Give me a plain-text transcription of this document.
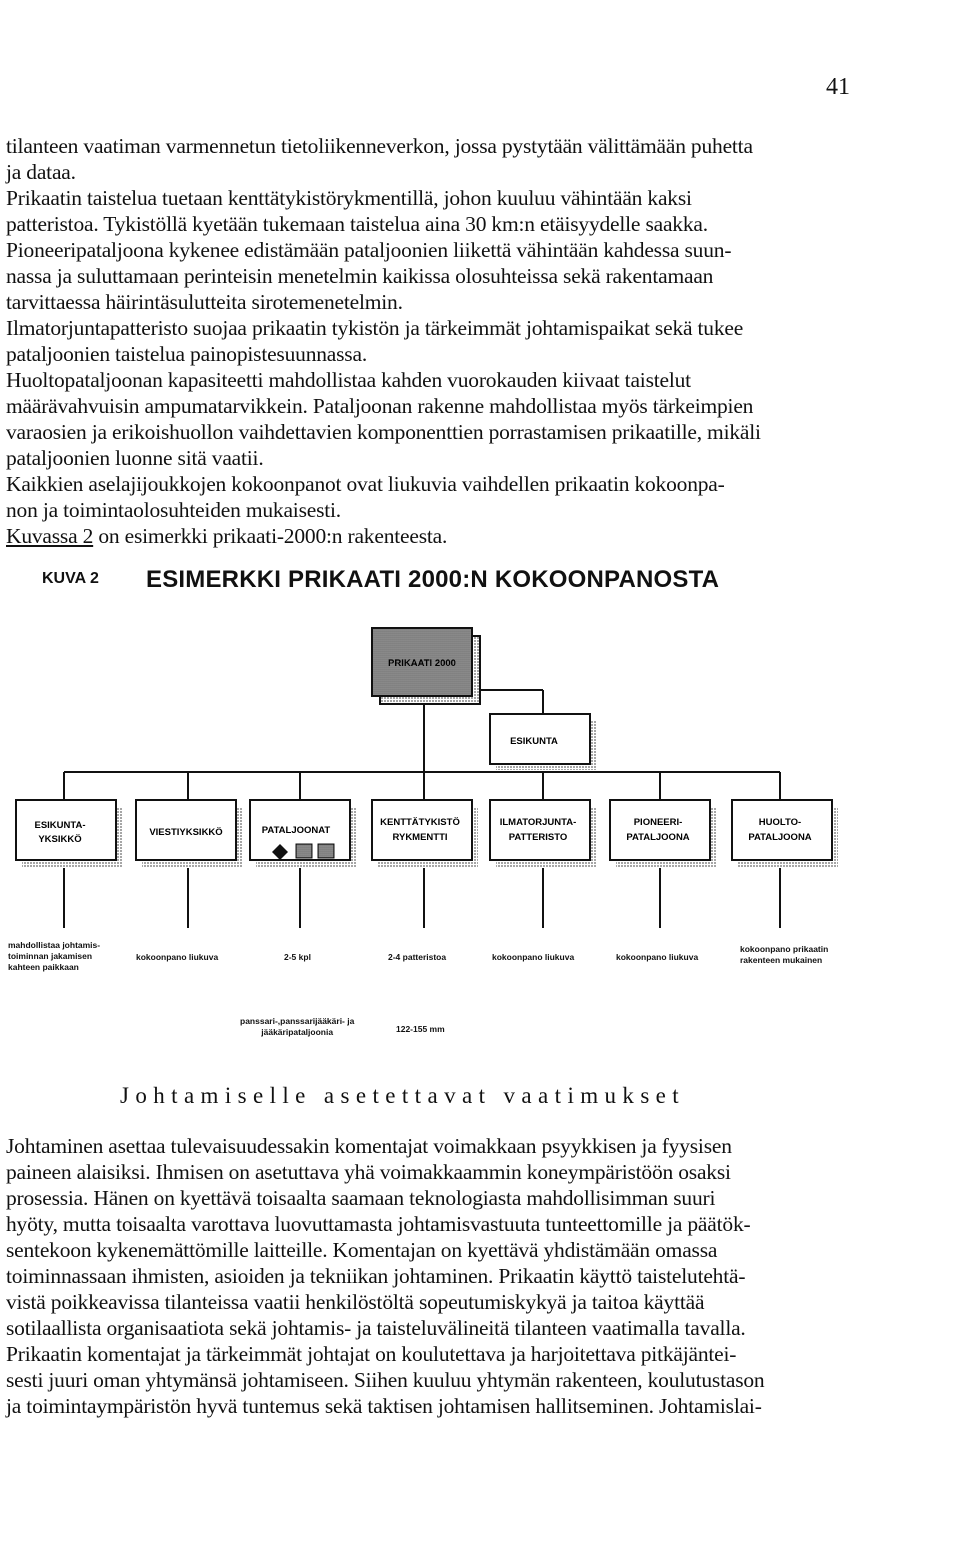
41
tilanteen vaatiman varmennetun tietoliikenneverkon, jossa pystytään välittämään puhetta
ja dataa.
Prikaatin taistelua tuetaan kenttätykistörykmentillä, johon kuuluu vähintään kaksi
patteristoa. Tykistöllä kyetään tukemaan taistelua aina 30 km:n etäisyydelle saakka.
Pioneeripataljoona kykenee edistämään pataljoonien liikettä vähintään kahdessa suun-
nassa ja suluttamaan perinteisin menetelmin kaikissa olosuhteissa sekä rakentamaan
tarvittaessa häirintäsulutteita sirotemenetelmin.
Ilmatorjuntapatteristo suojaa prikaatin tykistön ja tärkeimmät johtamispaikat sekä tukee
pataljoonien taistelua painopistesuunnassa.
Huoltopataljoonan kapasiteetti mahdollistaa kahden vuorokauden kiivaat taistelut
määrävahvuisin ampumatarvikkein. Pataljoonan rakenne mahdollistaa myös tärkeimpien
varaosien ja erikoishuollon vaihdettavien komponenttien porrastamisen prikaatille, mikäli
pataljoonien luonne sitä vaatii.
Kaikkien aselajijoukkojen kokoonpanot ovat liukuvia vaihdellen prikaatin kokoonpa-
non ja toimintaolosuhteiden mukaisesti.
Kuvassa 2 on esimerkki prikaati-2000:n rakenteesta.
KUVA 2 ESIMERKKI PRIKAATI 2000:N KOKOONPANOSTA
PRIKAATI 2000
ESIKUNTA
ESIKUNTA-
YKSIKKÖ
VIESTIYKSIKKÖ	PATALJOONAT
KENTTÄTYKISTÖ
RYKMENTTI
ILMATORJUNTA-
PATTERISTO
PIONEERI-
PATALJOONA
HUOLTO-
PATALJOONA
mahdollistaa johtamis-
toiminnan jakamisen
kahteen paikkaan
kokoonpano liukuva	2-5 kpl	2-4 patteristoa	kokoonpano liukuva	kokoonpano liukuva
kokoonpano prikaatin
rakenteen mukainen
panssari-,panssarijääkäri- ja
jääkäripataljoonia	122-155 mm
Johtamiselle asetettavat vaatimukset
Johtaminen asettaa tulevaisuudessakin komentajat voimakkaan psyykkisen ja fyysisen
paineen alaisiksi. Ihmisen on asetuttava yhä voimakkaammin koneympäristöön osaksi
prosessia. Hänen on kyettävä toisaalta saamaan teknologiasta mahdollisimman suuri
hyöty, mutta toisaalta varottava luovuttamasta johtamisvastuuta tunteettomille ja päätök-
sentekoon kykenemättömille laitteille. Komentajan on kyettävä yhdistämään omassa
toiminnassaan ihmisten, asioiden ja tekniikan johtaminen. Prikaatin käyttö taistelutehtä-
vistä poikkeavissa tilanteissa vaatii henkilöstöltä sopeutumiskykyä ja taitoa käyttää
sotilaallista organisaatiota sekä johtamis- ja taisteluvälineitä tilanteen vaatimalla tavalla.
Prikaatin komentajat ja tärkeimmät johtajat on koulutettava ja harjoitettava pitkäjäntei-
sesti juuri oman yhtymänsä johtamiseen. Siihen kuuluu yhtymän rakenteen, koulutustason
ja toimintaympäristön hyvä tuntemus sekä taktisen johtamisen hallitseminen. Johtamislai-
